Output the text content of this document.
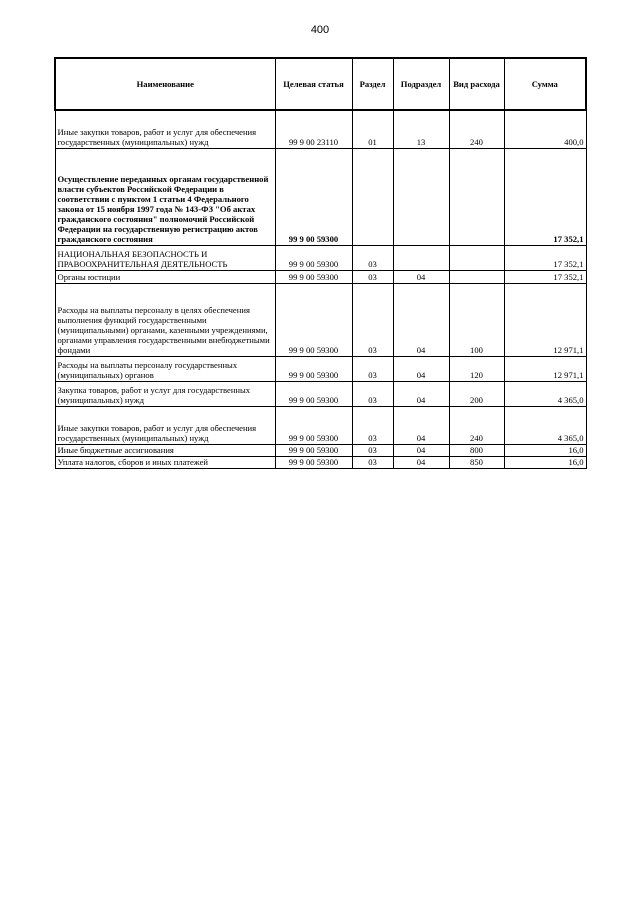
400
Наименование	Целевая статья	Раздел	Подраздел	Вид расхода	Сумма
Иные закупки товаров, работ и услуг для обеспечения государственных (муниципальных) нужд	99 9 00 23110	01	13	240	400,0
Осуществление переданных органам государственной власти субъектов Российской Федерации в соответствии с пунктом 1 статьи 4 Федерального закона от 15 ноября 1997 года № 143-ФЗ "Об актах гражданского состояния" полномочий Российской Федерации на государственную регистрацию актов гражданского состояния	99 9 00 59300				17 352,1
НАЦИОНАЛЬНАЯ БЕЗОПАСНОСТЬ И ПРАВООХРАНИТЕЛЬНАЯ ДЕЯТЕЛЬНОСТЬ	99 9 00 59300	03			17 352,1
Органы юстиции	99 9 00 59300	03	04		17 352,1
Расходы на выплаты персоналу в целях обеспечения выполнения функций государственными (муниципальными) органами, казенными учреждениями, органами управления государственными внебюджетными фондами	99 9 00 59300	03	04	100	12 971,1
Расходы на выплаты персоналу государственных (муниципальных) органов	99 9 00 59300	03	04	120	12 971,1
Закупка товаров, работ и услуг для государственных (муниципальных) нужд	99 9 00 59300	03	04	200	4 365,0
Иные закупки товаров, работ и услуг для обеспечения государственных (муниципальных) нужд	99 9 00 59300	03	04	240	4 365,0
Иные бюджетные ассигнования	99 9 00 59300	03	04	800	16,0
Уплата налогов, сборов и иных платежей	99 9 00 59300	03	04	850	16,0
